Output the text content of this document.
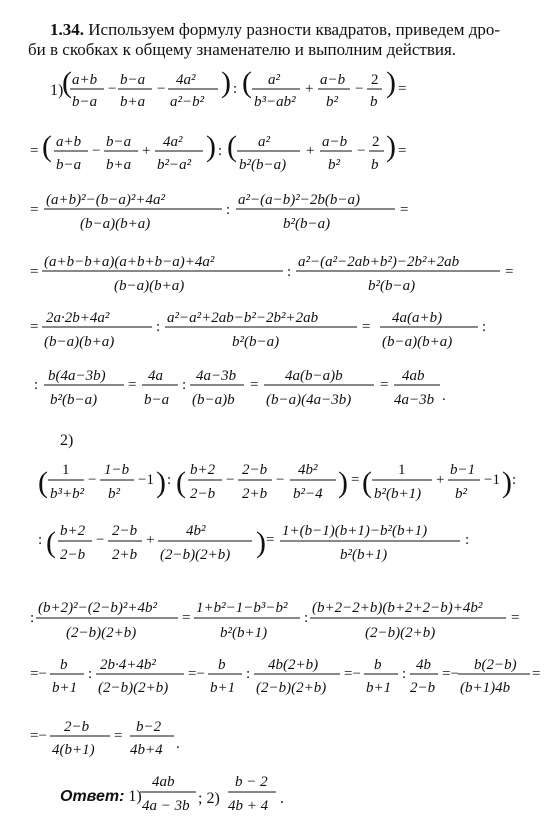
1.34. Используем формулу разности квадратов, приведем дро-
би в скобках к общему знаменателю и выполним действия.
1)
2)
( a+b
b−a
−
b−a
b+a
−
4a²
a²−b²
) : ( a²
b³−ab²
+
a−b
b²
−
2
b
) =
= ( a+b
b−a
−
b−a
b+a
+
4a²
b²−a²
) : ( a²
b²(b−a)
+
a−b
b²
−
2
b
) =
=
(a+b)²−(b−a)²+4a²
(b−a)(b+a)
:
a²−(a−b)²−2b(b−a)
b²(b−a)
=
=
(a+b−b+a)(a+b+b−a)+4a²
(b−a)(b+a)
:
a²−(a²−2ab+b²)−2b²+2ab
b²(b−a)
=
=
2a·2b+4a²
(b−a)(b+a)
:
a²−a²+2ab−b²−2b²+2ab
b²(b−a)
=
4a(a+b)
(b−a)(b+a)
:
:
b(4a−3b)
b²(b−a)
=
4a
b−a
:
4a−3b
(b−a)b
=
4a(b−a)b
(b−a)(4a−3b)
=
4ab
4a−3b .
( 1
b³+b²
−
1−b
b²
−1 ) : ( b+2
2−b
−
2−b
2+b
−
4b²
b²−4 ) = ( 1
b²(b+1)
+
b−1
b²
−1 ) :
: ( b+2
2−b
−
2−b
2+b
+
4b²
(2−b)(2+b) ) =
1+(b−1)(b+1)−b²(b+1)
b²(b+1)
:
:
(b+2)²−(2−b)²+4b²
(2−b)(2+b)
=
1+b²−1−b³−b²
b²(b+1)
:
(b+2−2+b)(b+2+2−b)+4b²
(2−b)(2+b)
=
=−
b
b+1
:
2b·4+4b²
(2−b)(2+b)
=−
b
b+1
:
4b(2+b)
(2−b)(2+b)
=−
b
b+1
:
4b
2−b
=−
b(2−b)
(b+1)4b
=
=−
2−b
4(b+1)
=
b−2
4b+4 .
4ab
4a − 3b
b − 2
4b + 4
Ответ: 1)	; 2)	.
